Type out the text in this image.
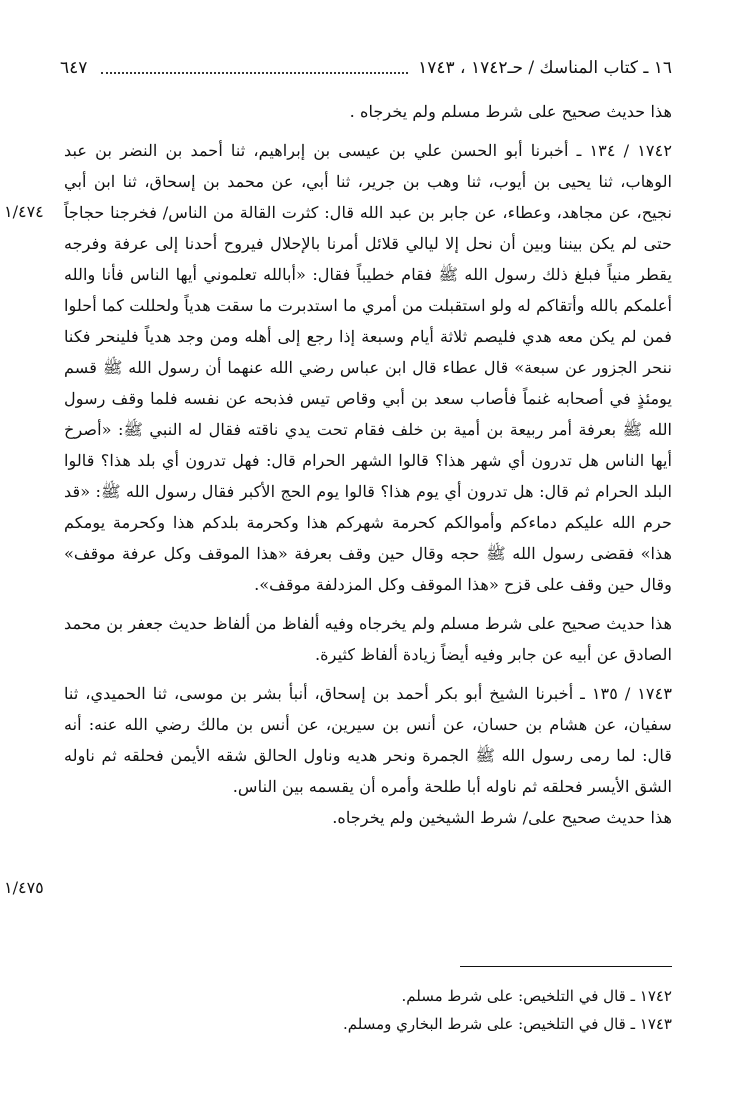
٦٤٧	١٦ ـ كتاب المناسك / حـ١٧٤٢ ، ١٧٤٣
١/٤٧٤
١/٤٧٥

هذا حديث صحيح على شرط مسلم ولم يخرجاه .

١٧٤٢ / ١٣٤ ـ أخبرنا أبو الحسن علي بن عيسى بن إبراهيم، ثنا أحمد بن النضر بن عبد الوهاب، ثنا يحيى بن أيوب، ثنا وهب بن جرير، ثنا أبي، عن محمد بن إسحاق، ثنا ابن أبي نجيح، عن مجاهد، وعطاء، عن جابر بن عبد الله قال: كثرت القالة من الناس/ فخرجنا حجاجاً حتى لم يكن بيننا وبين أن نحل إلا ليالي قلائل أمرنا بالإحلال فيروح أحدنا إلى عرفة وفرجه يقطر منياً فبلغ ذلك رسول الله ﷺ فقام خطيباً فقال: «أبالله تعلموني أيها الناس فأنا والله أعلمكم بالله وأتقاكم له ولو استقبلت من أمري ما استدبرت ما سقت هدياً ولحللت كما أحلوا فمن لم يكن معه هدي فليصم ثلاثة أيام وسبعة إذا رجع إلى أهله ومن وجد هدياً فلينحر فكنا ننحر الجزور عن سبعة» قال عطاء قال ابن عباس رضي الله عنهما أن رسول الله ﷺ قسم يومئذٍ في أصحابه غنماً فأصاب سعد بن أبي وقاص تيس فذبحه عن نفسه فلما وقف رسول الله ﷺ بعرفة أمر ربيعة بن أمية بن خلف فقام تحت يدي ناقته فقال له النبي ﷺ: «أصرخ أيها الناس هل تدرون أي شهر هذا؟ قالوا الشهر الحرام قال: فهل تدرون أي بلد هذا؟ قالوا البلد الحرام ثم قال: هل تدرون أي يوم هذا؟ قالوا يوم الحج الأكبر فقال رسول الله ﷺ: «قد حرم الله عليكم دماءكم وأموالكم كحرمة شهركم هذا وكحرمة بلدكم هذا وكحرمة يومكم هذا» فقضى رسول الله ﷺ حجه وقال حين وقف بعرفة «هذا الموقف وكل عرفة موقف» وقال حين وقف على قزح «هذا الموقف وكل المزدلفة موقف».

هذا حديث صحيح على شرط مسلم ولم يخرجاه وفيه ألفاظ من ألفاظ حديث جعفر بن محمد الصادق عن أبيه عن جابر وفيه أيضاً زيادة ألفاظ كثيرة.

١٧٤٣ / ١٣٥ ـ أخبرنا الشيخ أبو بكر أحمد بن إسحاق، أنبأ بشر بن موسى، ثنا الحميدي، ثنا سفيان، عن هشام بن حسان، عن أنس بن سيرين، عن أنس بن مالك رضي الله عنه: أنه قال: لما رمى رسول الله ﷺ الجمرة ونحر هديه وناول الحالق شقه الأيمن فحلقه ثم ناوله الشق الأيسر فحلقه ثم ناوله أبا طلحة وأمره أن يقسمه بين الناس.

هذا حديث صحيح على/ شرط الشيخين ولم يخرجاه.

١٧٤٢ ـ قال في التلخيص: على شرط مسلم.

١٧٤٣ ـ قال في التلخيص: على شرط البخاري ومسلم.
